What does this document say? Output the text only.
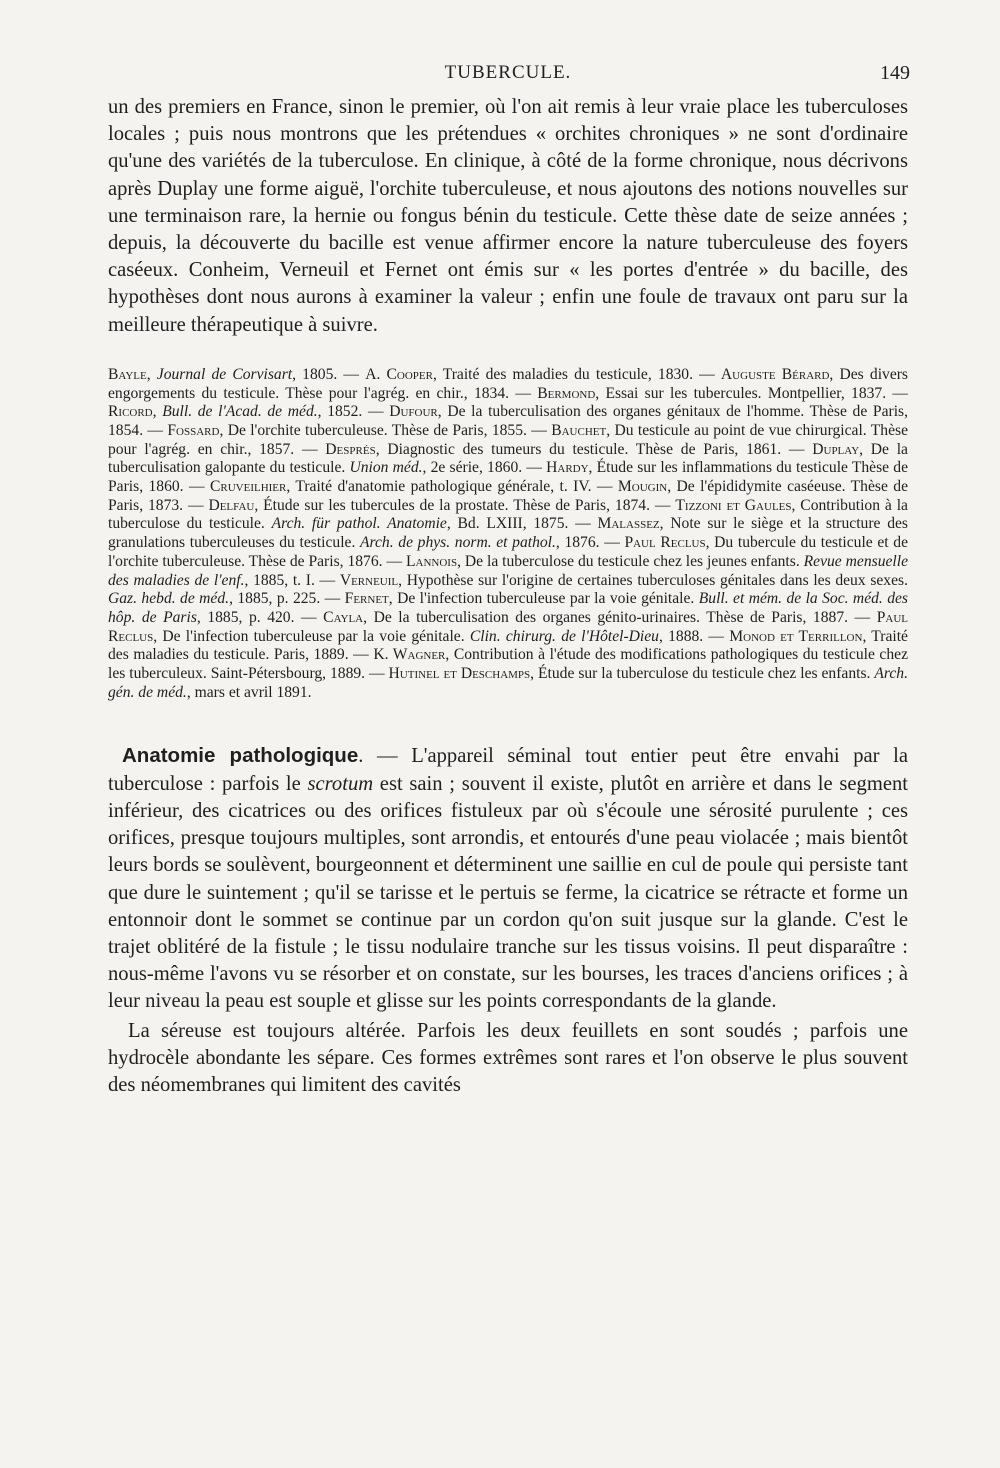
TUBERCULE.	149

un des premiers en France, sinon le premier, où l'on ait remis à leur vraie place les tuberculoses locales ; puis nous montrons que les prétendues « orchites chroniques » ne sont d'ordinaire qu'une des variétés de la tuberculose. En clinique, à côté de la forme chronique, nous décrivons après Duplay une forme aiguë, l'orchite tuberculeuse, et nous ajoutons des notions nouvelles sur une terminaison rare, la hernie ou fongus bénin du testicule. Cette thèse date de seize années ; depuis, la découverte du bacille est venue affirmer encore la nature tuberculeuse des foyers caséeux. Conheim, Verneuil et Fernet ont émis sur « les portes d'entrée » du bacille, des hypothèses dont nous aurons à examiner la valeur ; enfin une foule de travaux ont paru sur la meilleure thérapeutique à suivre.

Bayle, Journal de Corvisart, 1805. — A. Cooper, Traité des maladies du testicule, 1830. — Auguste Bérard, Des divers engorgements du testicule. Thèse pour l'agrég. en chir., 1834. — Bermond, Essai sur les tubercules. Montpellier, 1837. — Ricord, Bull. de l'Acad. de méd., 1852. — Dufour, De la tuberculisation des organes génitaux de l'homme. Thèse de Paris, 1854. — Fossard, De l'orchite tuberculeuse. Thèse de Paris, 1855. — Bauchet, Du testicule au point de vue chirurgical. Thèse pour l'agrég. en chir., 1857. — Després, Diagnostic des tumeurs du testicule. Thèse de Paris, 1861. — Duplay, De la tuberculisation galopante du testicule. Union méd., 2e série, 1860. — Hardy, Étude sur les inflammations du testicule Thèse de Paris, 1860. — Cruveilhier, Traité d'anatomie pathologique générale, t. IV. — Mougin, De l'épididymite caséeuse. Thèse de Paris, 1873. — Delfau, Étude sur les tubercules de la prostate. Thèse de Paris, 1874. — Tizzoni et Gaules, Contribution à la tuberculose du testicule. Arch. für pathol. Anatomie, Bd. LXIII, 1875. — Malassez, Note sur le siège et la structure des granulations tuberculeuses du testicule. Arch. de phys. norm. et pathol., 1876. — Paul Reclus, Du tubercule du testicule et de l'orchite tuberculeuse. Thèse de Paris, 1876. — Lannois, De la tuberculose du testicule chez les jeunes enfants. Revue mensuelle des maladies de l'enf., 1885, t. I. — Verneuil, Hypothèse sur l'origine de certaines tuberculoses génitales dans les deux sexes. Gaz. hebd. de méd., 1885, p. 225. — Fernet, De l'infection tuberculeuse par la voie génitale. Bull. et mém. de la Soc. méd. des hôp. de Paris, 1885, p. 420. — Cayla, De la tuberculisation des organes génito-urinaires. Thèse de Paris, 1887. — Paul Reclus, De l'infection tuberculeuse par la voie génitale. Clin. chirurg. de l'Hôtel-Dieu, 1888. — Monod et Terrillon, Traité des maladies du testicule. Paris, 1889. — K. Wagner, Contribution à l'étude des modifications pathologiques du testicule chez les tuberculeux. Saint-Pétersbourg, 1889. — Hutinel et Deschamps, Étude sur la tuberculose du testicule chez les enfants. Arch. gén. de méd., mars et avril 1891.

Anatomie pathologique. — L'appareil séminal tout entier peut être envahi par la tuberculose : parfois le scrotum est sain ; souvent il existe, plutôt en arrière et dans le segment inférieur, des cicatrices ou des orifices fistuleux par où s'écoule une sérosité purulente ; ces orifices, presque toujours multiples, sont arrondis, et entourés d'une peau violacée ; mais bientôt leurs bords se soulèvent, bourgeonnent et déterminent une saillie en cul de poule qui persiste tant que dure le suintement ; qu'il se tarisse et le pertuis se ferme, la cicatrice se rétracte et forme un entonnoir dont le sommet se continue par un cordon qu'on suit jusque sur la glande. C'est le trajet oblitéré de la fistule ; le tissu nodulaire tranche sur les tissus voisins. Il peut disparaître : nous-même l'avons vu se résorber et on constate, sur les bourses, les traces d'anciens orifices ; à leur niveau la peau est souple et glisse sur les points correspondants de la glande.

La séreuse est toujours altérée. Parfois les deux feuillets en sont soudés ; parfois une hydrocèle abondante les sépare. Ces formes extrêmes sont rares et l'on observe le plus souvent des néomembranes qui limitent des cavités
